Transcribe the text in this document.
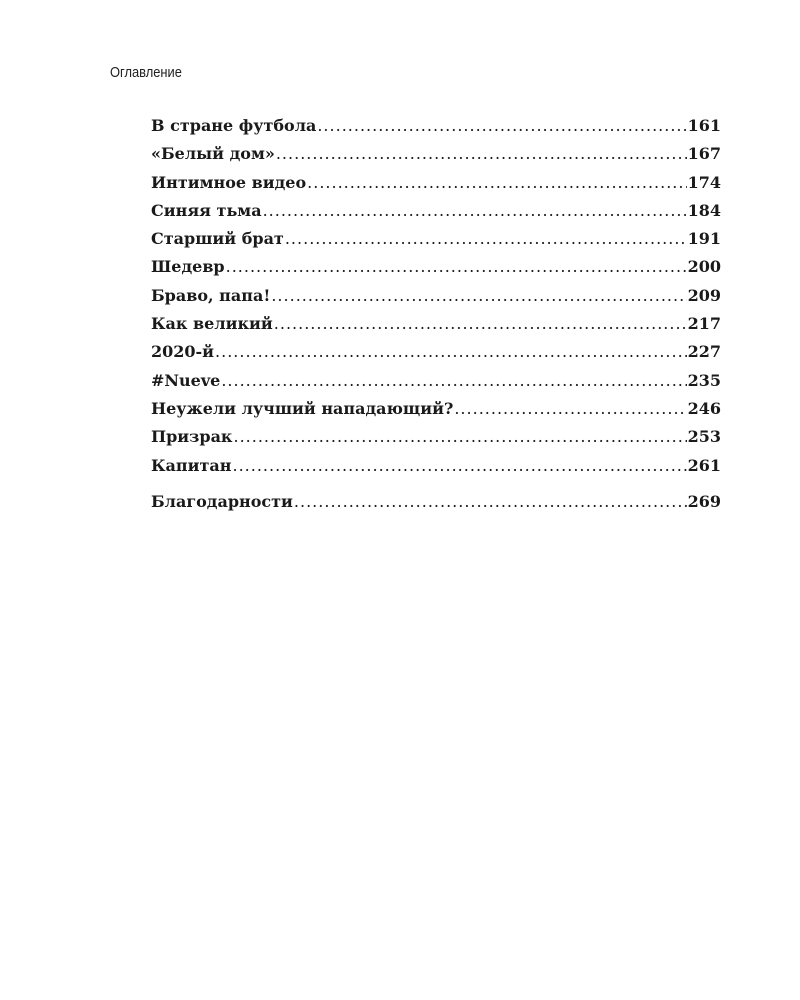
Оглавление
В стране футбола .....	161
«Белый дом» .....	167
Интимное видео .....	174
Синяя тьма .....	184
Старший брат .....	191
Шедевр .....	200
Браво, папа! .....	209
Как великий .....	217
2020-й .....	227
#Nueve .....	235
Неужели лучший нападающий? .....	246
Призрак .....	253
Капитан .....	261
Благодарности .....	269
